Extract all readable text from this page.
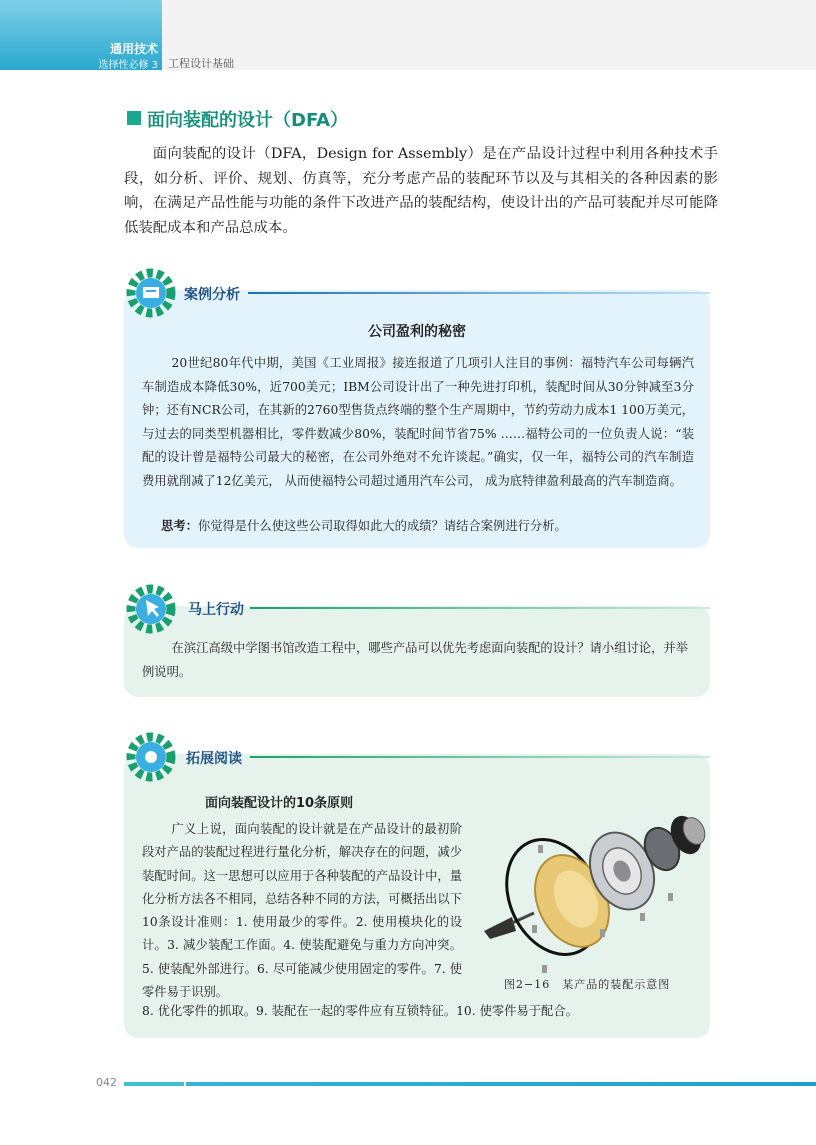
通用技术
选择性必修 3 工程设计基础
面向装配的设计（DFA）

面向装配的设计（DFA，Design for Assembly）是在产品设计过程中利用各种技术手段，如分析、评价、规划、仿真等，充分考虑产品的装配环节以及与其相关的各种因素的影响，在满足产品性能与功能的条件下改进产品的装配结构，使设计出的产品可装配并尽可能降低装配成本和产品总成本。

案例分析
公司盈利的秘密

20世纪80年代中期，美国《工业周报》接连报道了几项引人注目的事例：福特汽车公司每辆汽车制造成本降低30%，近700美元；IBM公司设计出了一种先进打印机，装配时间从30分钟减至3分钟；还有NCR公司，在其新的2760型售货点终端的整个生产周期中，节约劳动力成本1 100万美元，与过去的同类型机器相比，零件数减少80%，装配时间节省75% ……福特公司的一位负责人说：“装配的设计曾是福特公司最大的秘密，在公司外绝对不允许谈起。”确实，仅一年，福特公司的汽车制造费用就削减了12亿美元， 从而使福特公司超过通用汽车公司， 成为底特律盈利最高的汽车制造商。

思考：你觉得是什么使这些公司取得如此大的成绩？请结合案例进行分析。
马上行动

在滨江高级中学图书馆改造工程中，哪些产品可以优先考虑面向装配的设计？请小组讨论，并举例说明。

拓展阅读
面向装配设计的10条原则

广义上说，面向装配的设计就是在产品设计的最初阶段对产品的装配过程进行量化分析，解决存在的问题，减少装配时间。这一思想可以应用于各种装配的产品设计中，量化分析方法各不相同，总结各种不同的方法，可概括出以下10条设计准则：1. 使用最少的零件。2. 使用模块化的设计。3. 减少装配工作面。4. 使装配避免与重力方向冲突。5. 使装配外部进行。6. 尽可能减少使用固定的零件。7. 使零件易于识别。

8. 优化零件的抓取。9. 装配在一起的零件应有互锁特征。10. 使零件易于配合。
图2−16　某产品的装配示意图
042
